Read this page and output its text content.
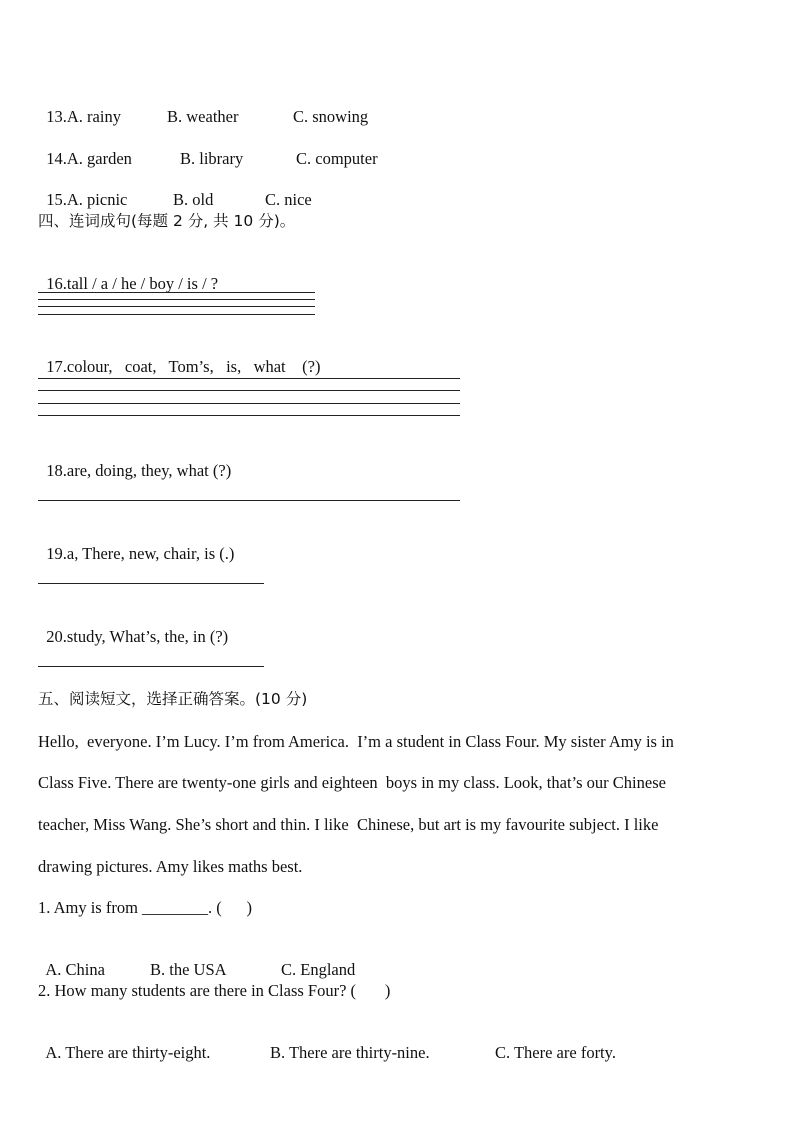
13.A. rainy	B. weather	C. snowing

14.A. garden	B. library	C. computer

15.A. picnic	B. old	C. nice

四、连词成句(每题 2 分, 共 10 分)。

16.tall / a / he / boy / is / ?

17.colour,   coat,   Tom’s,   is,   what    (?)

18.are, doing, they, what (?)

19.a, There, new, chair, is (.)

20.study, What’s, the, in (?)

五、阅读短文，选择正确答案。(10 分)
Hello,  everyone. I’m Lucy. I’m from America.  I’m a student in Class Four. My sister Amy is in
Class Five. There are twenty-one girls and eighteen  boys in my class. Look, that’s our Chinese
teacher, Miss Wang. She’s short and thin. I like  Chinese, but art is my favourite subject. I like
drawing pictures. Amy likes maths best.
1. Amy is from ________. (      )

A. China	B. the USA	C. England

2. How many students are there in Class Four? (       )

A. There are thirty-eight.	B. There are thirty-nine.	C. There are forty.
